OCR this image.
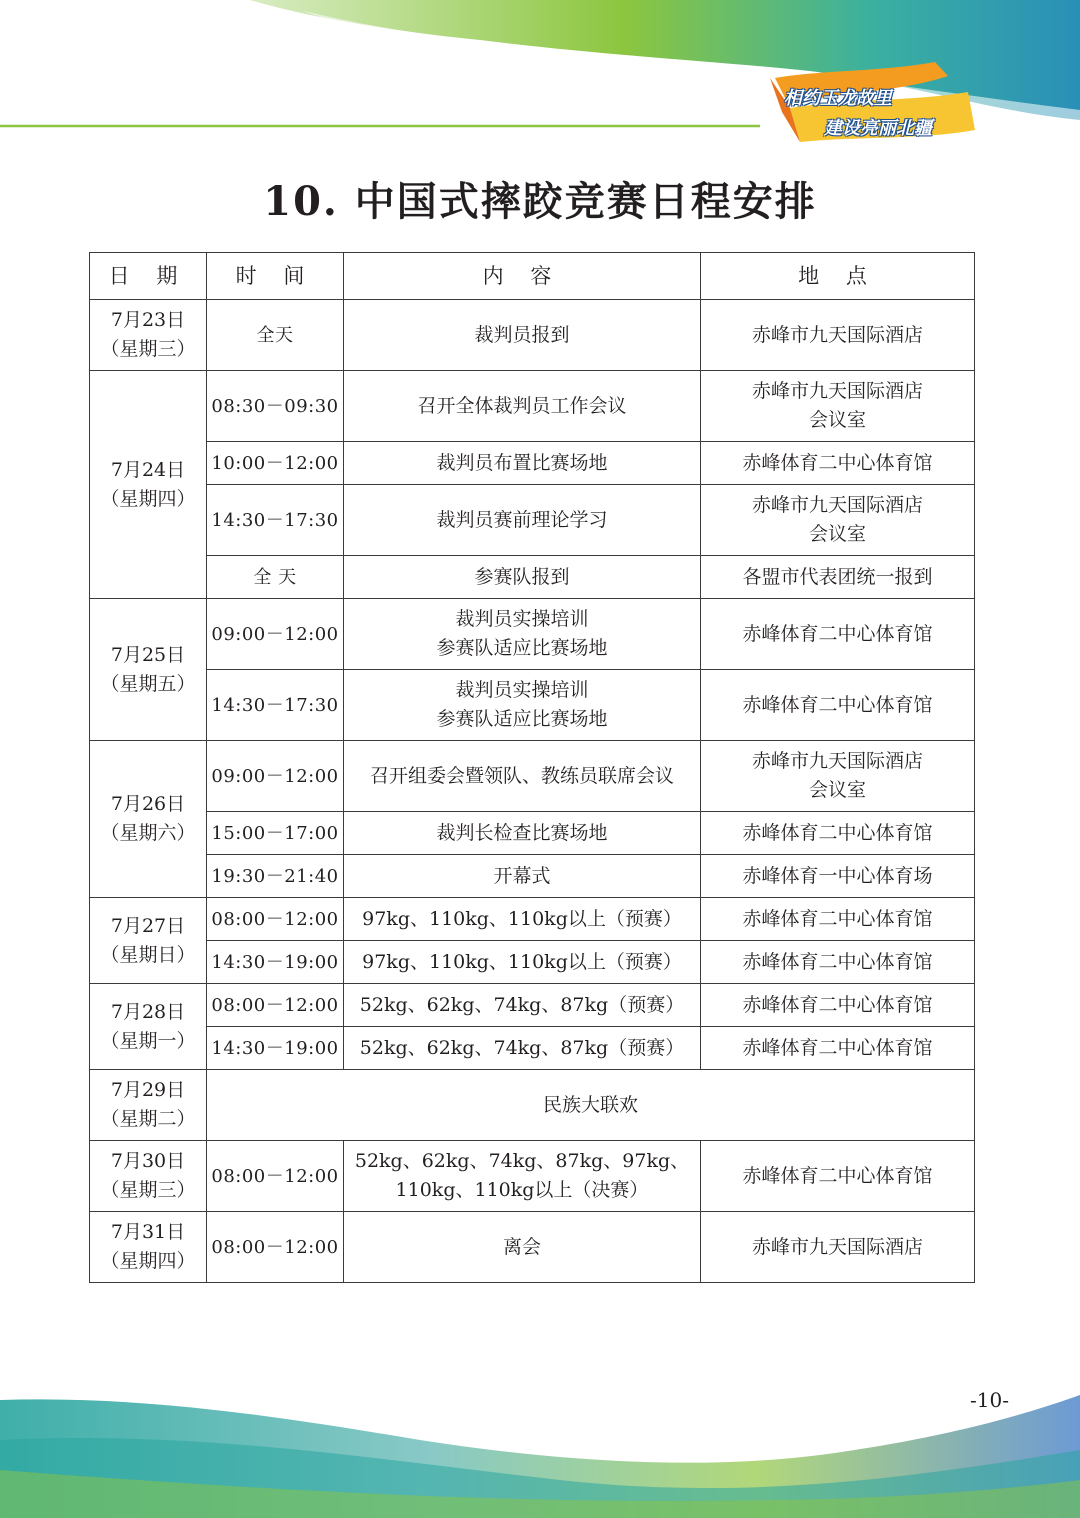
相约玉龙故里
建设亮丽北疆
10. 中国式摔跤竞赛日程安排
日 期	时 间	内 容	地 点

7月23日
（星期三）	全天	裁判员报到	赤峰市九天国际酒店

7月24日
（星期四）	08:30－09:30	召开全体裁判员工作会议	赤峰市九天国际酒店
会议室

	10:00－12:00	裁判员布置比赛场地	赤峰体育二中心体育馆
	14:30－17:30	裁判员赛前理论学习	赤峰市九天国际酒店
会议室

	全 天	参赛队报到	各盟市代表团统一报到

7月25日
（星期五）	09:00－12:00	裁判员实操培训
参赛队适应比赛场地	赤峰体育二中心体育馆
	14:30－17:30	裁判员实操培训
参赛队适应比赛场地	赤峰体育二中心体育馆

7月26日
（星期六）	09:00－12:00	召开组委会暨领队、教练员联席会议	赤峰市九天国际酒店
会议室

	15:00－17:00	裁判长检查比赛场地	赤峰体育二中心体育馆
	19:30－21:40	开幕式	赤峰体育一中心体育场

7月27日
（星期日）	08:00－12:00	97kg、110kg、110kg以上（预赛）	赤峰体育二中心体育馆
	14:30－19:00	97kg、110kg、110kg以上（预赛）	赤峰体育二中心体育馆

7月28日
（星期一）	08:00－12:00	52kg、62kg、74kg、87kg（预赛）	赤峰体育二中心体育馆
	14:30－19:00	52kg、62kg、74kg、87kg（预赛）	赤峰体育二中心体育馆

7月29日
（星期二）	民族大联欢		

7月30日
（星期三）	08:00－12:00	52kg、62kg、74kg、87kg、97kg、
110kg、110kg以上（决赛）	赤峰体育二中心体育馆

7月31日
（星期四）	08:00－12:00	离会	赤峰市九天国际酒店
-10-
